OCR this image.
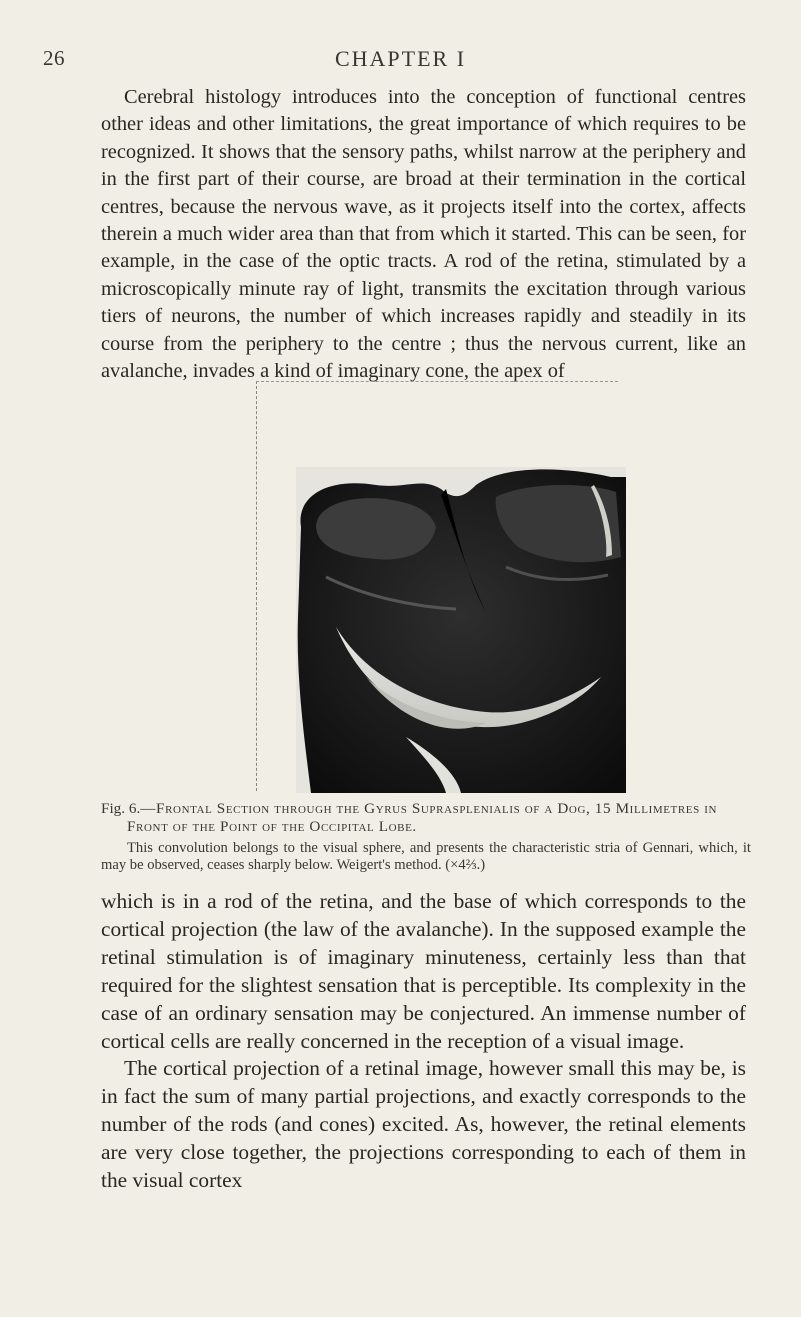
26	CHAPTER I

Cerebral histology introduces into the conception of functional centres other ideas and other limitations, the great importance of which requires to be recognized. It shows that the sensory paths, whilst narrow at the periphery and in the first part of their course, are broad at their termination in the cortical centres, because the nervous wave, as it projects itself into the cortex, affects therein a much wider area than that from which it started. This can be seen, for example, in the case of the optic tracts. A rod of the retina, stimulated by a microscopically minute ray of light, transmits the excitation through various tiers of neurons, the number of which increases rapidly and steadily in its course from the periphery to the centre ; thus the nervous current, like an avalanche, invades a kind of imaginary cone, the apex of

Fig. 6.—Frontal Section through the Gyrus Suprasplenialis of a Dog, 15 Millimetres in Front of the Point of the Occipital Lobe.

This convolution belongs to the visual sphere, and presents the characteristic stria of Gennari, which, it may be observed, ceases sharply below. Weigert's method. (×4⅔.)

which is in a rod of the retina, and the base of which corresponds to the cortical projection (the law of the avalanche). In the supposed example the retinal stimulation is of imaginary minuteness, certainly less than that required for the slightest sensation that is perceptible. Its complexity in the case of an ordinary sensation may be conjectured. An immense number of cortical cells are really concerned in the reception of a visual image.

The cortical projection of a retinal image, however small this may be, is in fact the sum of many partial projections, and exactly corresponds to the number of the rods (and cones) excited. As, however, the retinal elements are very close together, the projections corresponding to each of them in the visual cortex
